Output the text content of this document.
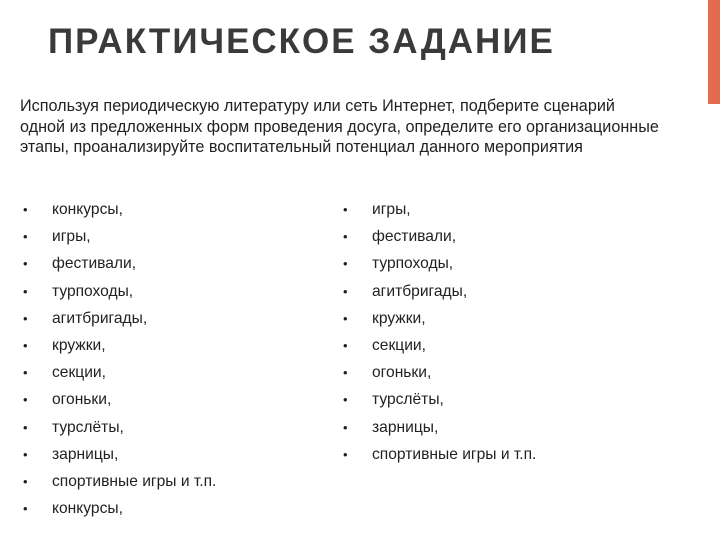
ПРАКТИЧЕСКОЕ ЗАДАНИЕ
Используя периодическую литературу или сеть Интернет, подберите сценарий одной из предложенных форм проведения досуга, определите его организационные этапы, проанализируйте воспитательный потенциал данного мероприятия
• конкурсы,
• игры,
• фестивали,
• турпоходы,
• агитбригады,
• кружки,
• секции,
• огоньки,
• турслёты,
• зарницы,
• спортивные игры и т.п.
• конкурсы,
• игры,
• фестивали,
• турпоходы,
• агитбригады,
• кружки,
• секции,
• огоньки,
• турслёты,
• зарницы,
• спортивные игры и т.п.
